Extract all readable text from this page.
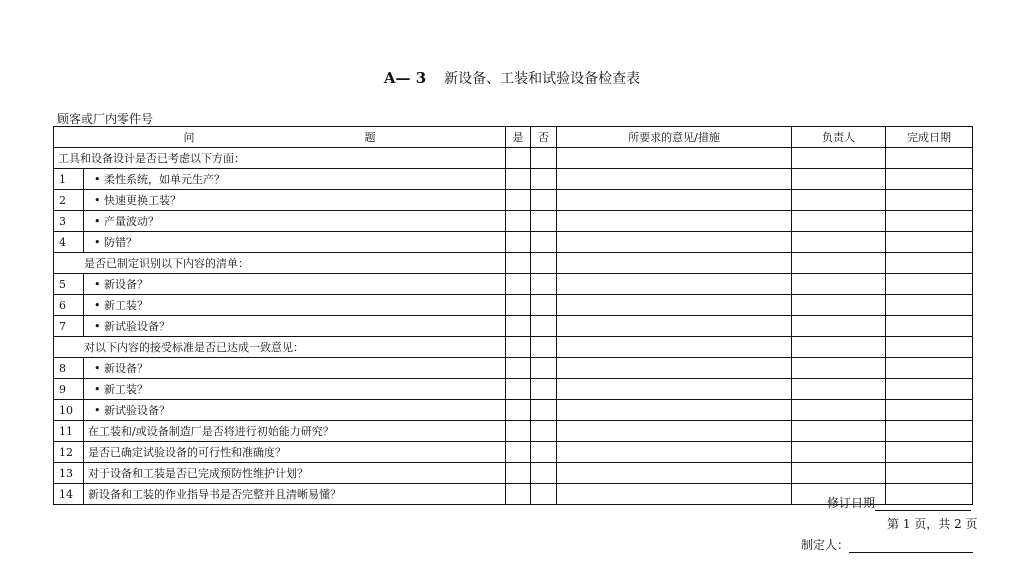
A— 3 新设备、工装和试验设备检查表
顾客或厂内零件号
问 题		是	否	所要求的意见/措施	负责人	完成日期
工具和设备设计是否已考虑以下方面：						
1	• 柔性系统，如单元生产？					
2	• 快速更换工装？					
3	• 产量波动？					
4	• 防错？					
是否已制定识别以下内容的清单：						
5	• 新设备？					
6	• 新工装？					
7	• 新试验设备？					
对以下内容的接受标准是否已达成一致意见：						
8	• 新设备？					
9	• 新工装？					
10	• 新试验设备？					
11	在工装和/或设备制造厂是否将进行初始能力研究？					
12	是否已确定试验设备的可行性和准确度？					
13	对于设备和工装是否已完成预防性维护计划？					
14	新设备和工装的作业指导书是否完整并且清晰易懂？					
修订日期
第 1 页，共 2 页
制定人：
